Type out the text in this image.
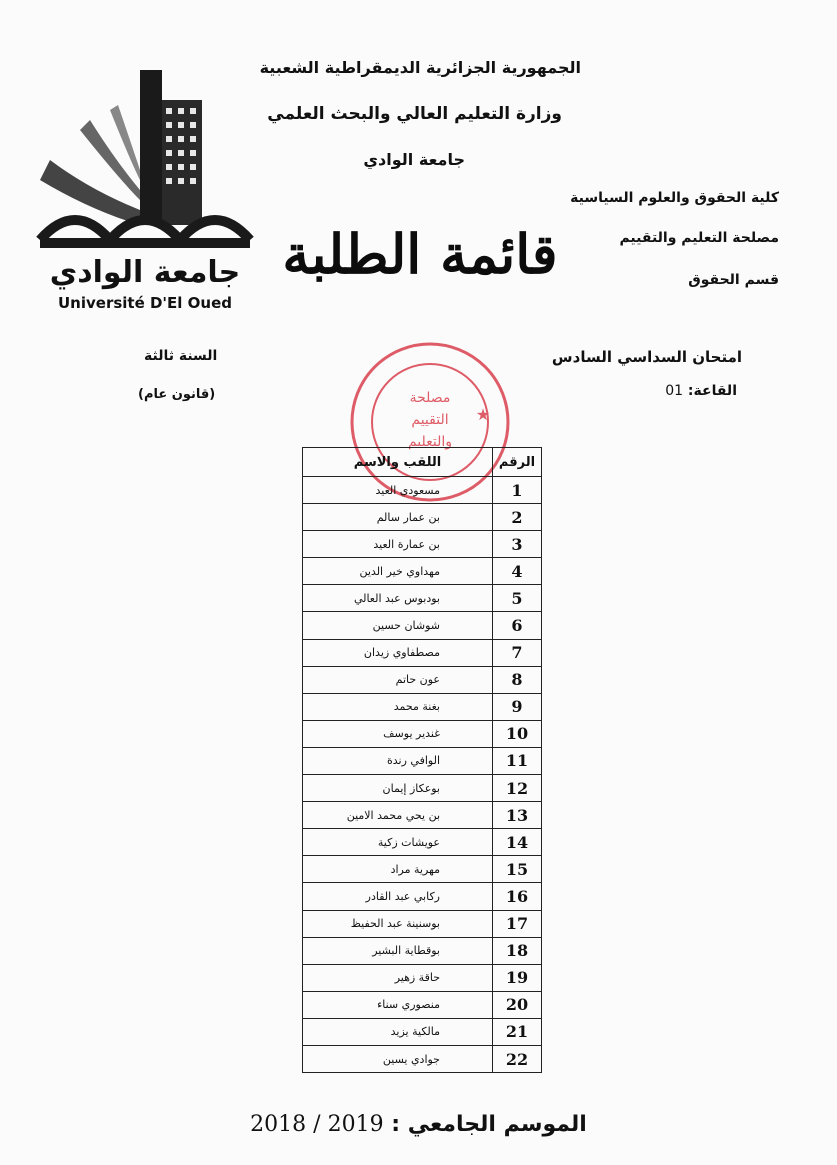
الجمهورية الجزائرية الديمقراطية الشعبية
وزارة التعليم العالي والبحث العلمي
جامعة الوادي
كلية الحقوق والعلوم السياسية
مصلحة التعليم والتقييم
قسم الحقوق
قائمة الطلبة
جامعة الوادي
Université D'El Oued
★
مصلحة
التقييم
والتعليم
امتحان السداسي السادس
القاعة: 01
السنة ثالثة
(قانون عام)
الرقم	اللقب والاسم
1	مسعودي العيد
2	بن عمار سالم
3	بن عمارة العيد
4	مهداوي خير الدين
5	بودبوس عبد العالي
6	شوشان حسين
7	مصطفاوي زيدان
8	عون حاتم
9	بغنة محمد
10	غندير يوسف
11	الوافي رندة
12	بوعكاز إيمان
13	بن يحي محمد الامين
14	عويشات زكية
15	مهرية مراد
16	ركابي عبد القادر
17	بوسنينة عبد الحفيظ
18	بوقطاية البشير
19	حاقة زهير
20	منصوري سناء
21	مالكية يزيد
22	جوادي يسين
الموسم الجامعي : 2019 / 2018
